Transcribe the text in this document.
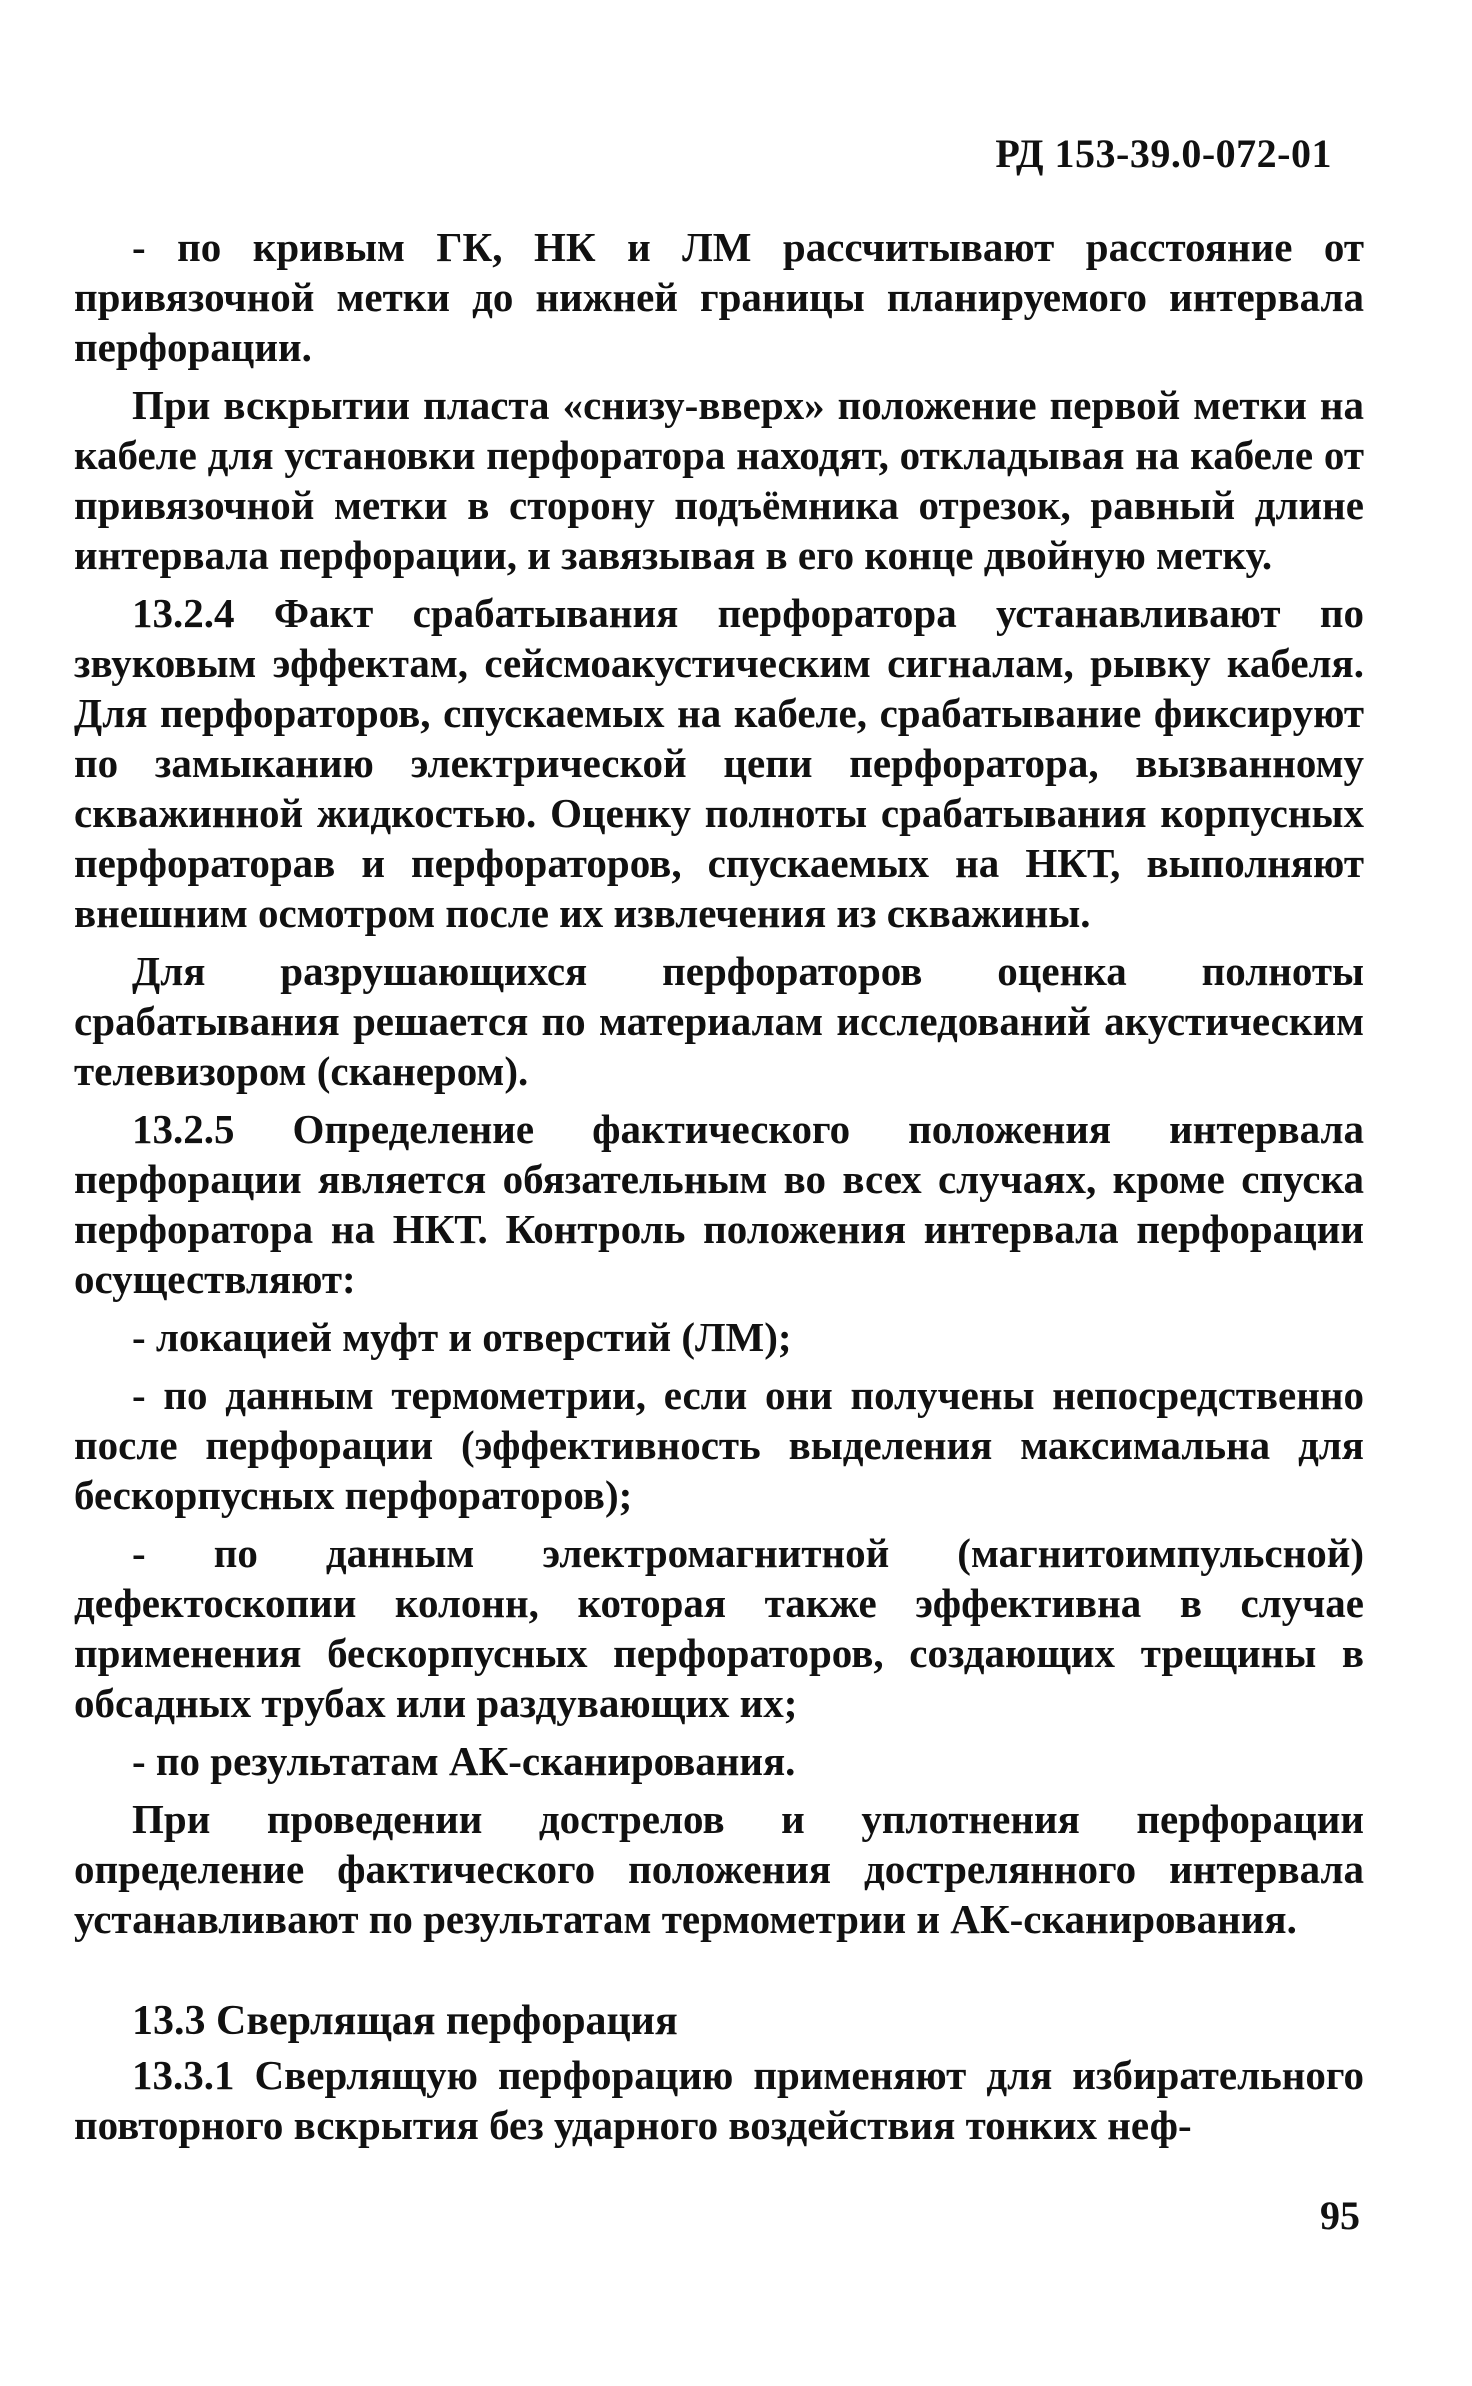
РД 153-39.0-072-01

- по кривым ГК, НК и ЛМ рассчитывают расстояние от привязочной метки до нижней границы планируемого интервала перфорации.

При вскрытии пласта «снизу-вверх» положение первой метки на кабеле для установки перфоратора находят, откладывая на кабеле от привязочной метки в сторону подъёмника отрезок, равный длине интервала перфорации, и завязывая в его конце двойную метку.

13.2.4 Факт срабатывания перфоратора устанавливают по звуковым эффектам, сейсмоакустическим сигналам, рывку кабеля. Для перфораторов, спускаемых на кабеле, срабатывание фиксируют по замыканию электрической цепи перфоратора, вызванному скважинной жидкостью. Оценку полноты срабатывания корпусных перфораторав и перфораторов, спускаемых на НКТ, выполняют внешним осмотром после их извлечения из скважины.

Для разрушающихся перфораторов оценка полноты срабатывания решается по материалам исследований акустическим телевизором (сканером).

13.2.5 Определение фактического положения интервала перфорации является обязательным во всех случаях, кроме спуска перфоратора на НКТ. Контроль положения интервала перфорации осуществляют:

- локацией муфт и отверстий (ЛМ);

- по данным термометрии, если они получены непосредственно после перфорации (эффективность выделения максимальна для бескорпусных перфораторов);

- по данным электромагнитной (магнитоимпульсной) дефектоскопии колонн, которая также эффективна в случае применения бескорпусных перфораторов, создающих трещины в обсадных трубах или раздувающих их;

- по результатам АК-сканирования.

При проведении дострелов и уплотнения перфорации определение фактического положения дострелянного интервала устанавливают по результатам термометрии и АК-сканирования.

13.3 Сверлящая перфорация

13.3.1 Сверлящую перфорацию применяют для избирательного повторного вскрытия без ударного воздействия тонких неф-

95
